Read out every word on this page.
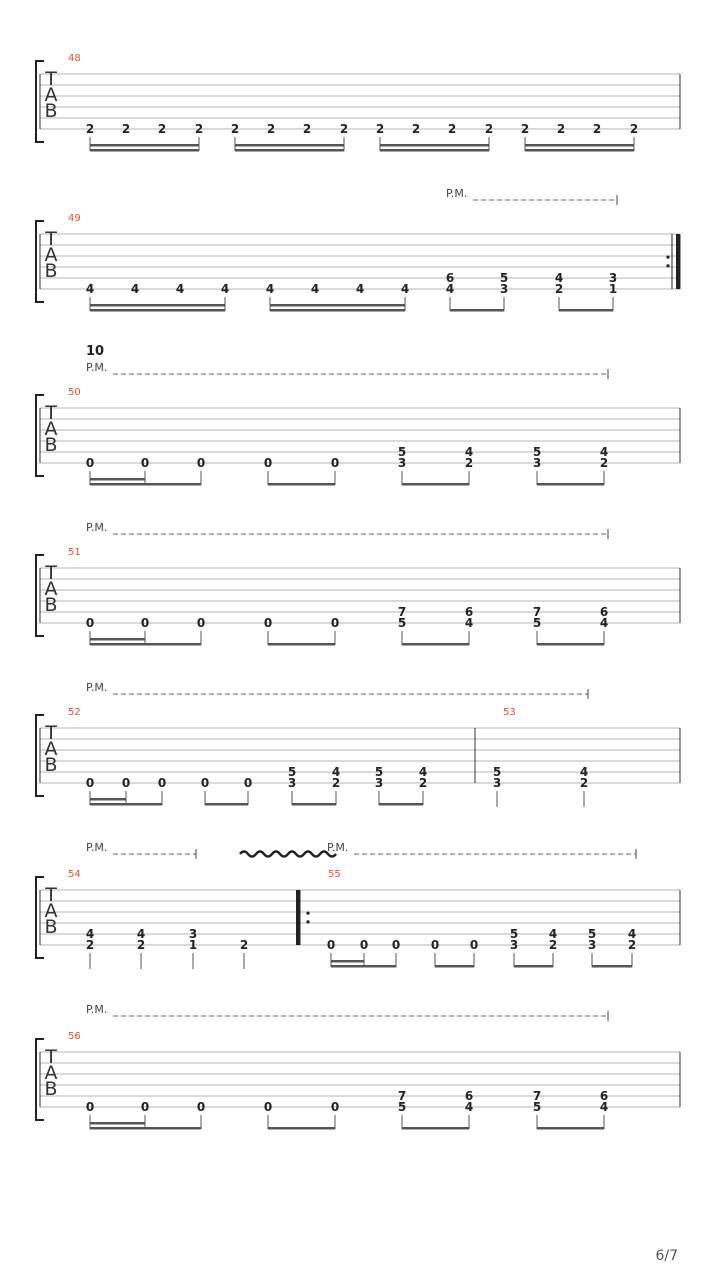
T
A
B
48
2 2 2 2 2 2 2 2 2 2 2 2 2 2 2 2
T
A
B
49
4	4	4	4	4	4	4	4
6
4
5
3
4
2
3
1
P.M.
T
A
B
50
0	0	0	0	0
5
3
4
2
5
3
4
2
10
P.M.
T
A
B
51
0	0	0	0	0
7
5
6
4
7
5
6
4
P.M.
T
A
B
52
0 0 0	0	0
5
3
4
2
5
3
4
2
53
5
3
4
2
P.M.
T
A
B
54
4
2
4
2
3
1	2
55
0 0 0	0	0
5
3
4
2
5
3
4
2
P.M.	P.M.
T
A
B
56
0	0	0	0	0
7
5
6
4
7
5
6
4
P.M.
6/7
